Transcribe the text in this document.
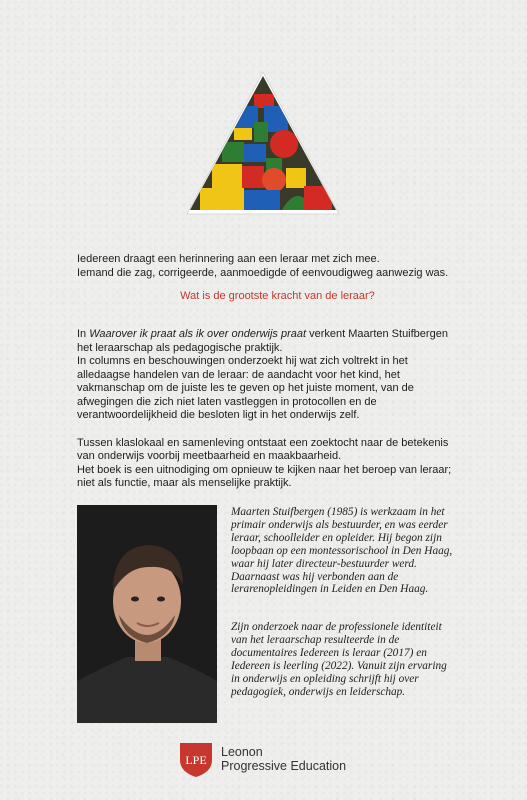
Iedereen draagt een herinnering aan een leraar met zich mee.

Iemand die zag, corrigeerde, aanmoedigde of eenvoudigweg aanwezig was.

Wat is de grootste kracht van de leraar?

In Waarover ik praat als ik over onderwijs praat verkent Maarten Stuifbergen het leraarschap als pedagogische praktijk.

In columns en beschouwingen onderzoekt hij wat zich voltrekt in het alledaagse handelen van de leraar: de aandacht voor het kind, het vakmanschap om de juiste les te geven op het juiste moment, van de afwegingen die zich niet laten vastleggen in protocollen en de verantwoordelijkheid die besloten ligt in het onderwijs zelf.

Tussen klaslokaal en samenleving ontstaat een zoektocht naar de betekenis van onderwijs voorbij meetbaarheid en maakbaarheid.

Het boek is een uitnodiging om opnieuw te kijken naar het beroep van leraar; niet als functie, maar als menselijke praktijk.

Maarten Stuifbergen (1985) is werkzaam in het primair onderwijs als bestuurder, en was eerder leraar, schoolleider en opleider. Hij begon zijn loopbaan op een montessorischool in Den Haag, waar hij later directeur-bestuurder werd. Daarnaast was hij verbonden aan de lerarenopleidingen in Leiden en Den Haag.

Zijn onderzoek naar de professionele identiteit van het leraarschap resulteerde in de documentaires Iedereen is leraar (2017) en Iedereen is leerling (2022). Vanuit zijn ervaring in onderwijs en opleiding schrijft hij over pedagogiek, onderwijs en leiderschap.

LPE
Leonon
Progressive Education
